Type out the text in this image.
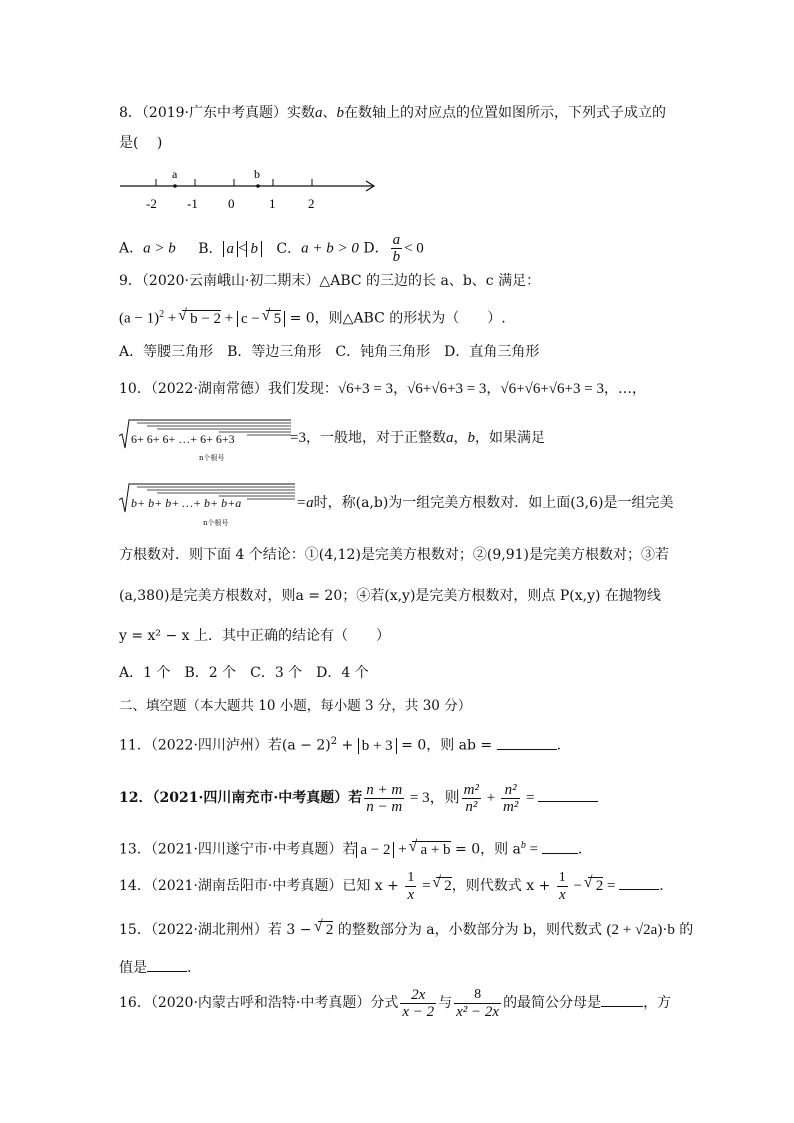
8．（2019·广东中考真题）实数a、b在数轴上的对应点的位置如图所示，下列式子成立的
是(　 )
a	b
-2 -1 0	1	2
A．a > b B． a < b C．a + b > 0 D． $\frac{a}{b} < 0$
9．（2020·云南峨山·初二期末）△ABC 的三边的长 a、b、c 满足：
$(a - 1)^2$ + √ b − 2 + c − √ 5 = 0，则△ABC 的形状为（　　）.
A．等腰三角形　B．等边三角形　C．钝角三角形　D．直角三角形
10．（2022·湖南常德）我们发现：√6+3 = 3，√6+√6+3 = 3，√6+√6+√6+3 = 3，…，
6+ 6+ 6+ …+ 6+ 6+3
n个根号
=3，一般地，对于正整数a，b，如果满足
b+ b+ b+ …+ b+ b+a
n个根号
=a时，称(a,b)为一组完美方根数对．如上面(3,6)是一组完美
方根数对．则下面 4 个结论：①(4,12)是完美方根数对；②(9,91)是完美方根数对；③若
(a,380)是完美方根数对，则a = 20；④若(x,y)是完美方根数对，则点 P(x,y) 在抛物线
y = x² − x 上．其中正确的结论有（　　）
A．1 个　B．2 个　C．3 个　D．4 个
二、填空题（本大题共 10 小题，每小题 3 分，共 30 分）
11．（2022·四川泸州）若$(a - 2)^2 + b + 3 = 0$，则 ab =	.
12．（2021·四川南充市·中考真题）若 $\frac{n + m}{n - m} = 3$，则 $\frac{\text{m²}}{\text{n²}} + \frac{\text{n²}}{\text{m²}}$ =
13．（2021·四川遂宁市·中考真题）若 a − 2 + √ a + b = 0，则 $a^b$ =	.
14．（2021·湖南岳阳市·中考真题）已知 $x + \frac{1}{x}$ = √ 2，则代数式 $x + \frac{1}{x}$ − √ 2 =	.
15．（2022·湖北荆州）若 3 − √ 2 的整数部分为 a，小数部分为 b，则代数式 (2 + √2a)·b 的
值是	.
16．（2020·内蒙古呼和浩特·中考真题）分式 $\frac{2x}{x - 2}$ 与 $\frac{8}{\text{x² − 2x}}$ 的最简公分母是	，方
